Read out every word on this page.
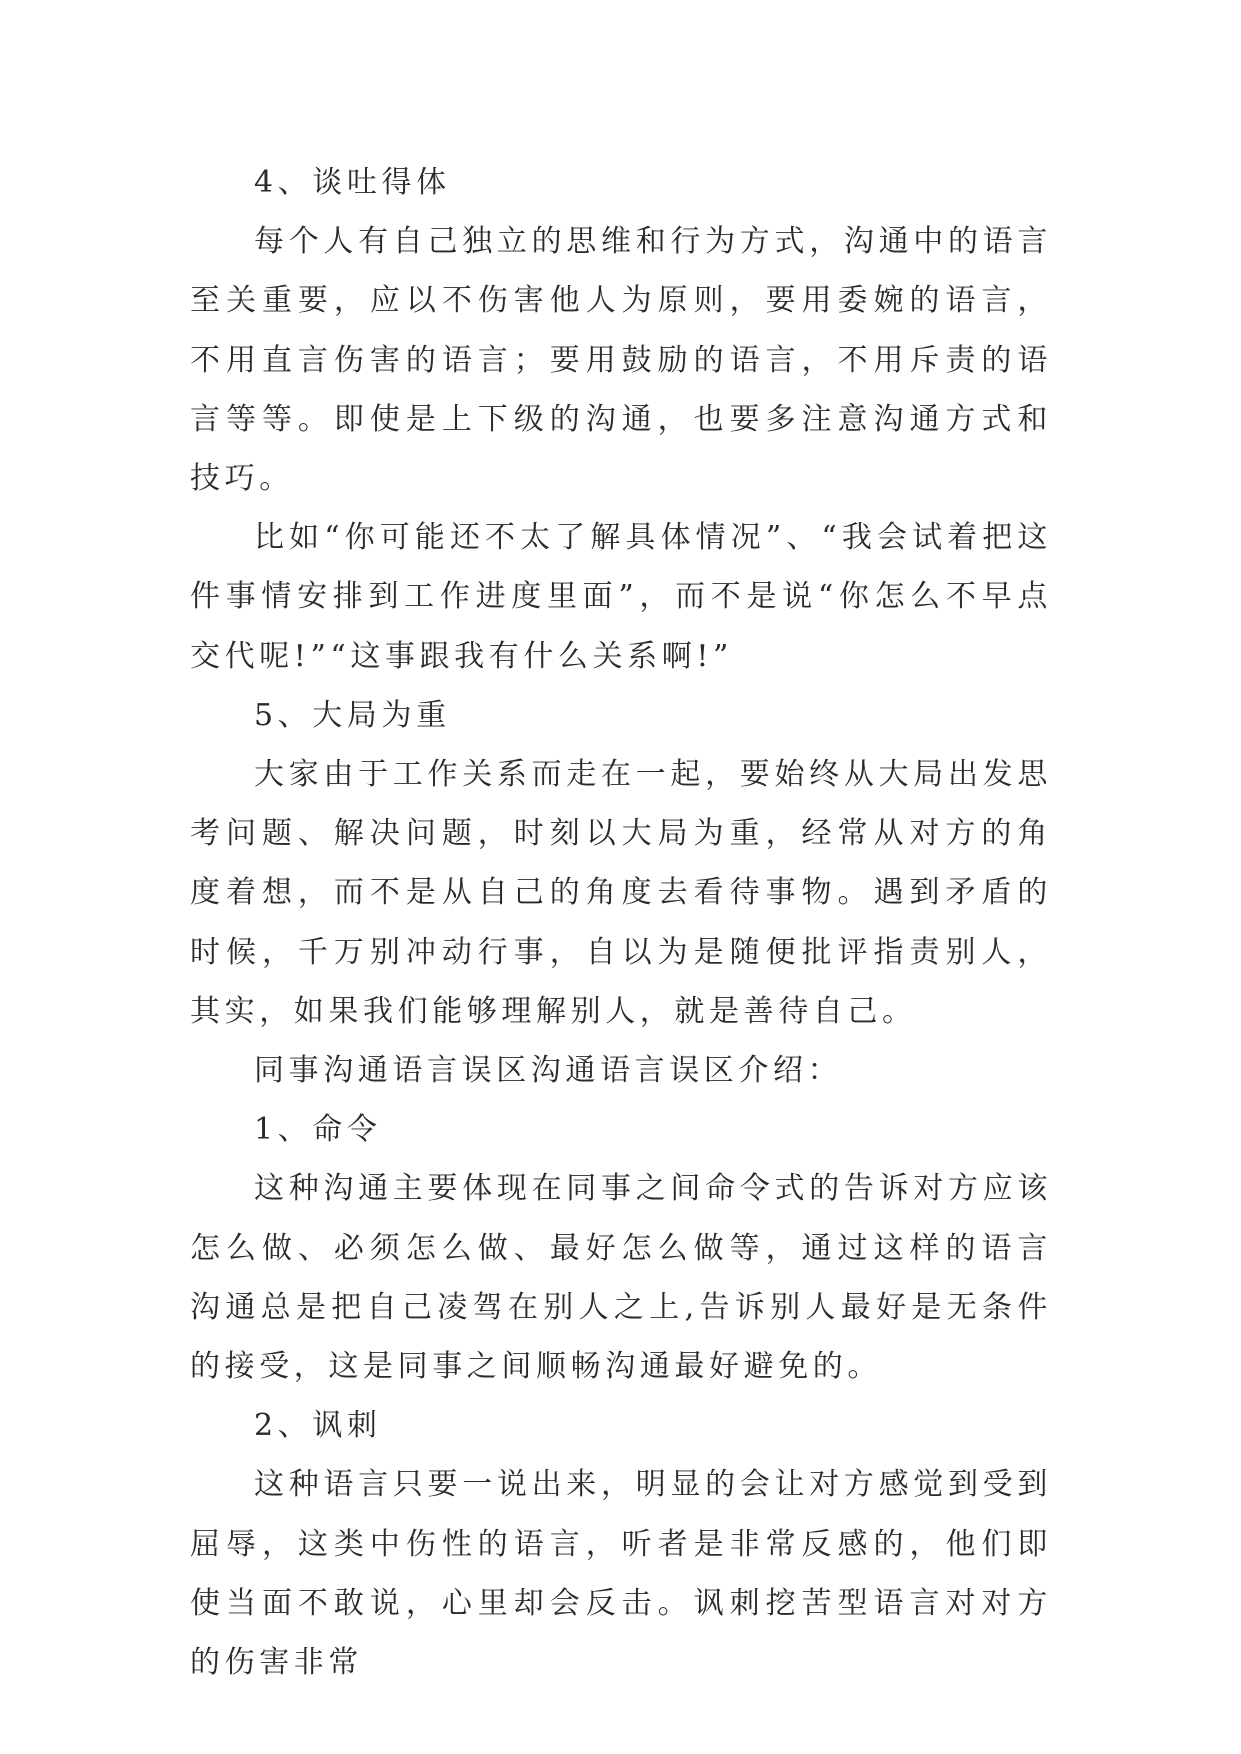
4、谈吐得体

每个人有自己独立的思维和行为方式，沟通中的语言至关重要，应以不伤害他人为原则，要用委婉的语言，不用直言伤害的语言；要用鼓励的语言，不用斥责的语言等等。即使是上下级的沟通，也要多注意沟通方式和技巧。

比如“你可能还不太了解具体情况”、“我会试着把这件事情安排到工作进度里面”，而不是说“你怎么不早点交代呢!”“这事跟我有什么关系啊!”

5、大局为重

大家由于工作关系而走在一起，要始终从大局出发思考问题、解决问题，时刻以大局为重，经常从对方的角度着想，而不是从自己的角度去看待事物。遇到矛盾的时候，千万别冲动行事，自以为是随便批评指责别人，其实，如果我们能够理解别人，就是善待自己。

同事沟通语言误区沟通语言误区介绍：

1、命令

这种沟通主要体现在同事之间命令式的告诉对方应该怎么做、必须怎么做、最好怎么做等，通过这样的语言沟通总是把自己凌驾在别人之上,告诉别人最好是无条件的接受，这是同事之间顺畅沟通最好避免的。

2、讽刺

这种语言只要一说出来，明显的会让对方感觉到受到屈辱，这类中伤性的语言，听者是非常反感的，他们即使当面不敢说，心里却会反击。讽刺挖苦型语言对对方的伤害非常
